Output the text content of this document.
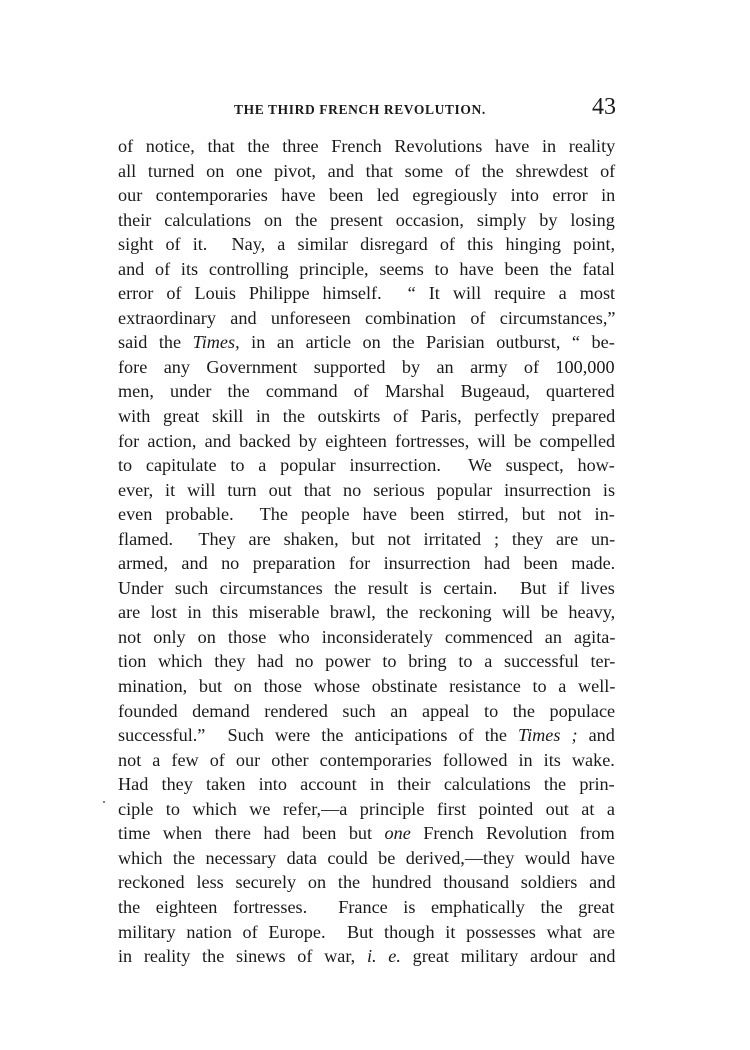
THE THIRD FRENCH REVOLUTION.	43
of notice, that the three French Revolutions have in reality
all turned on one pivot, and that some of the shrewdest of
our contemporaries have been led egregiously into error in
their calculations on the present occasion, simply by losing
sight of it.  Nay, a similar disregard of this hinging point,
and of its controlling principle, seems to have been the fatal
error of Louis Philippe himself.  “ It will require a most
extraordinary and unforeseen combination of circumstances,”
said the Times, in an article on the Parisian outburst, “ be-
fore any Government supported by an army of 100,000
men, under the command of Marshal Bugeaud, quartered
with great skill in the outskirts of Paris, perfectly prepared
for action, and backed by eighteen fortresses, will be compelled
to capitulate to a popular insurrection.  We suspect, how-
ever, it will turn out that no serious popular insurrection is
even probable.  The people have been stirred, but not in-
flamed.  They are shaken, but not irritated ; they are un-
armed, and no preparation for insurrection had been made.
Under such circumstances the result is certain.  But if lives
are lost in this miserable brawl, the reckoning will be heavy,
not only on those who inconsiderately commenced an agita-
tion which they had no power to bring to a successful ter-
mination, but on those whose obstinate resistance to a well-
founded demand rendered such an appeal to the populace
successful.”  Such were the anticipations of the Times ; and
not a few of our other contemporaries followed in its wake.
Had they taken into account in their calculations the prin-
ciple to which we refer,—a principle first pointed out at a
time when there had been but one French Revolution from
which the necessary data could be derived,—they would have
reckoned less securely on the hundred thousand soldiers and
the eighteen fortresses.  France is emphatically the great
military nation of Europe.  But though it possesses what are
in reality the sinews of war, i. e. great military ardour and
